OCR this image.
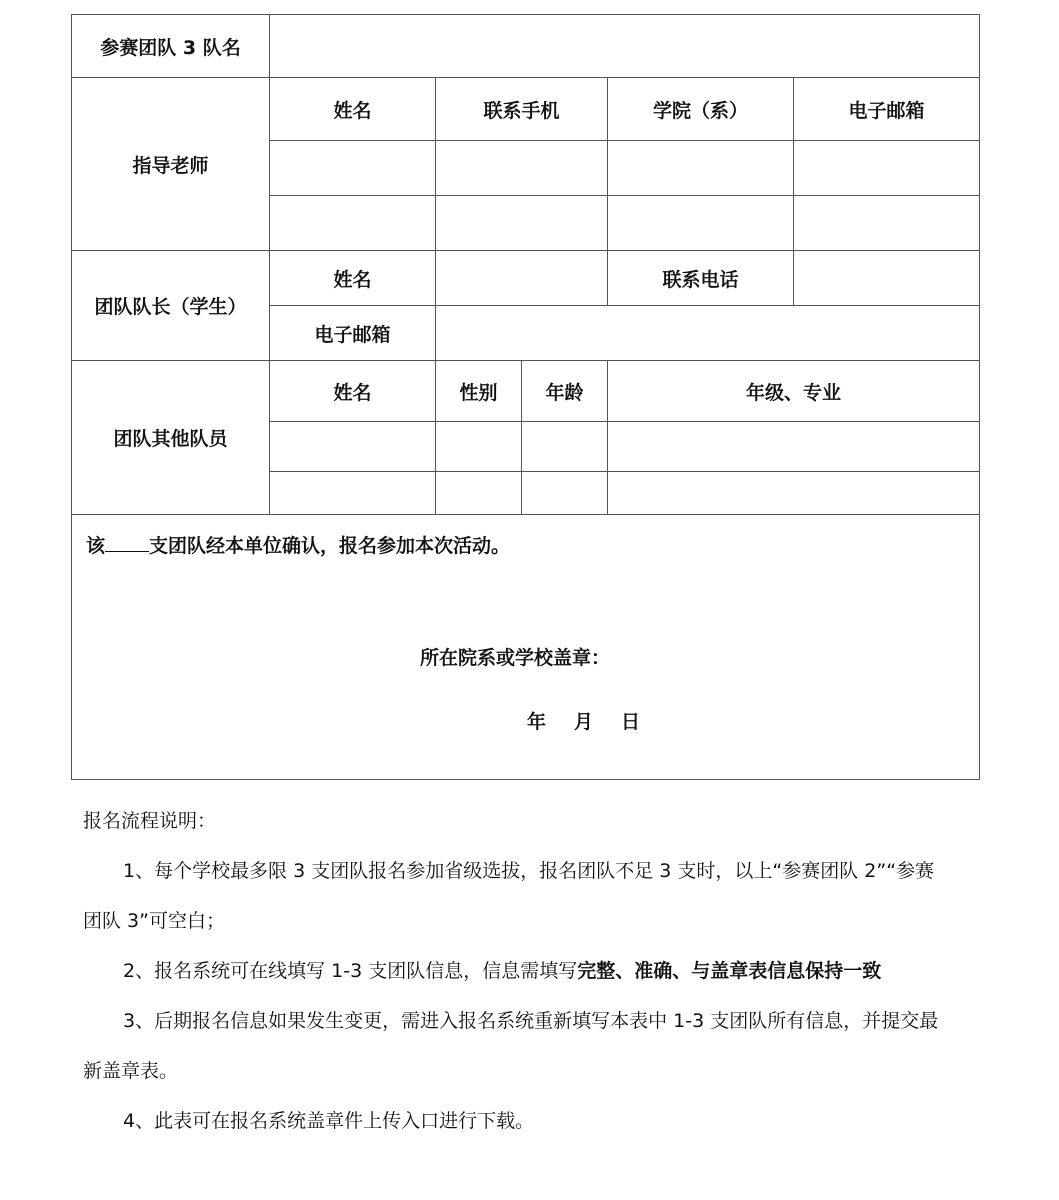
参赛团队 3 队名					
指导老师	姓名	联系手机		学院（系）	电子邮箱

团队队长（学生）	姓名			联系电话	
	电子邮箱				
团队其他队员	姓名	性别	年龄	年级、专业	

该 支团队经本单位确认，报名参加本次活动。
所在院系或学校盖章：
年 月 日					

报名流程说明：

1、每个学校最多限 3 支团队报名参加省级选拔，报名团队不足 3 支时，以上“参赛团队 2”“参赛团队 3”可空白；

2、报名系统可在线填写 1-3 支团队信息，信息需填写完整、准确、与盖章表信息保持一致

3、后期报名信息如果发生变更，需进入报名系统重新填写本表中 1-3 支团队所有信息，并提交最新盖章表。

4、此表可在报名系统盖章件上传入口进行下载。
